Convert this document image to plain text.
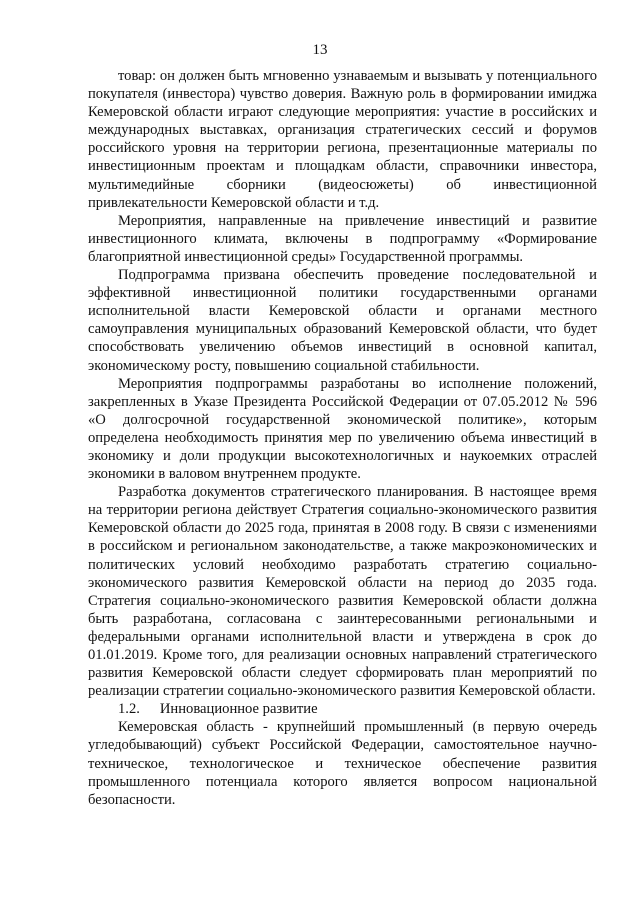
13

товар: он должен быть мгновенно узнаваемым и вызывать у потенциального покупателя (инвестора) чувство доверия. Важную роль в формировании имиджа Кемеровской области играют следующие мероприятия: участие в российских и международных выставках, организация стратегических сессий и форумов российского уровня на территории региона, презентационные материалы по инвестиционным проектам и площадкам области, справочники инвестора, мультимедийные сборники (видеосюжеты) об инвестиционной привлекательности Кемеровской области и т.д.

Мероприятия, направленные на привлечение инвестиций и развитие инвестиционного климата, включены в подпрограмму «Формирование благоприятной инвестиционной среды» Государственной программы.

Подпрограмма призвана обеспечить проведение последовательной и эффективной инвестиционной политики государственными органами исполнительной власти Кемеровской области и органами местного самоуправления муниципальных образований Кемеровской области, что будет способствовать увеличению объемов инвестиций в основной капитал, экономическому росту, повышению социальной стабильности.

Мероприятия подпрограммы разработаны во исполнение положений, закрепленных в Указе Президента Российской Федерации от 07.05.2012 № 596 «О долгосрочной государственной экономической политике», которым определена необходимость принятия мер по увеличению объема инвестиций в экономику и доли продукции высокотехнологичных и наукоемких отраслей экономики в валовом внутреннем продукте.

Разработка документов стратегического планирования. В настоящее время на территории региона действует Стратегия социально-экономического развития Кемеровской области до 2025 года, принятая в 2008 году. В связи с изменениями в российском и региональном законодательстве, а также макроэкономических и политических условий необходимо разработать стратегию социально-экономического развития Кемеровской области на период до 2035 года. Стратегия социально-экономического развития Кемеровской области должна быть разработана, согласована с заинтересованными региональными и федеральными органами исполнительной власти и утверждена в срок до 01.01.2019. Кроме того, для реализации основных направлений стратегического развития Кемеровской области следует сформировать план мероприятий по реализации стратегии социально-экономического развития Кемеровской области.

1.2. Инновационное развитие

Кемеровская область - крупнейший промышленный (в первую очередь угледобывающий) субъект Российской Федерации, самостоятельное научно-техническое, технологическое и техническое обеспечение развития промышленного потенциала которого является вопросом национальной безопасности.
